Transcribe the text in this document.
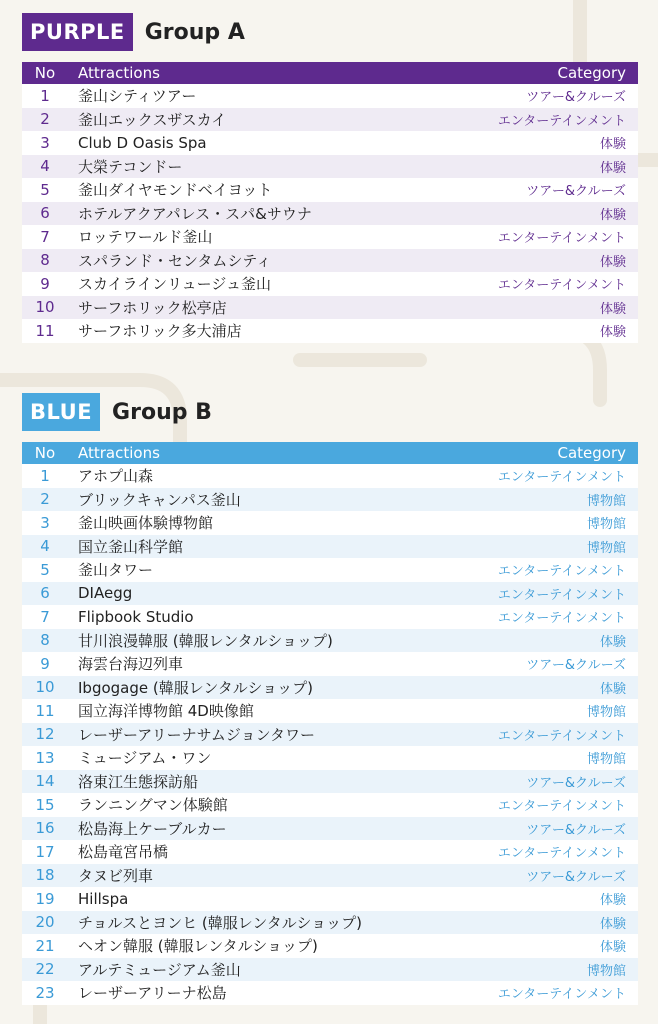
PURPLE Group A
No	Attractions	Category
1	釜山シティツアー	ツアー&クルーズ
2	釜山エックスザスカイ	エンターテインメント
3	Club D Oasis Spa	体験
4	大榮テコンドー	体験
5	釜山ダイヤモンドベイヨット	ツアー&クルーズ
6	ホテルアクアパレス・スパ&サウナ	体験
7	ロッテワールド釜山	エンターテインメント
8	スパランド・センタムシティ	体験
9	スカイラインリュージュ釜山	エンターテインメント
10	サーフホリック松亭店	体験
11	サーフホリック多大浦店	体験
BLUE Group B
No	Attractions	Category
1	アホプ山森	エンターテインメント
2	ブリックキャンパス釜山	博物館
3	釜山映画体験博物館	博物館
4	国立釜山科学館	博物館
5	釜山タワー	エンターテインメント
6	DIAegg	エンターテインメント
7	Flipbook Studio	エンターテインメント
8	甘川浪漫韓服 (韓服レンタルショップ)	体験
9	海雲台海辺列車	ツアー&クルーズ
10	Ibgogage (韓服レンタルショップ)	体験
11	国立海洋博物館 4D映像館	博物館
12	レーザーアリーナサムジョンタワー	エンターテインメント
13	ミュージアム・ワン	博物館
14	洛東江生態探訪船	ツアー&クルーズ
15	ランニングマン体験館	エンターテインメント
16	松島海上ケーブルカー	ツアー&クルーズ
17	松島竜宮吊橋	エンターテインメント
18	タヌビ列車	ツアー&クルーズ
19	Hillspa	体験
20	チョルスとヨンヒ (韓服レンタルショップ)	体験
21	ヘオン韓服 (韓服レンタルショップ)	体験
22	アルテミュージアム釜山	博物館
23	レーザーアリーナ松島	エンターテインメント
